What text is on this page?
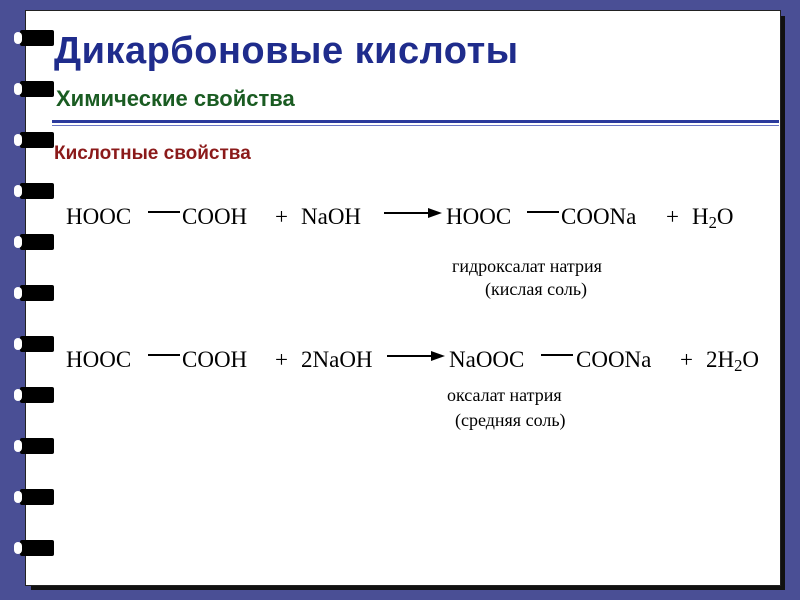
Дикарбоновые кислоты
Химические свойства
Кислотные свойства
HOOC COOH + NaOH → HOOC COONa + $H_2O$
гидроксалат натрия
(кислая соль)
HOOC COOH + 2NaOH → NaOOC COONa + $2H_2O$
оксалат натрия
(средняя соль)
